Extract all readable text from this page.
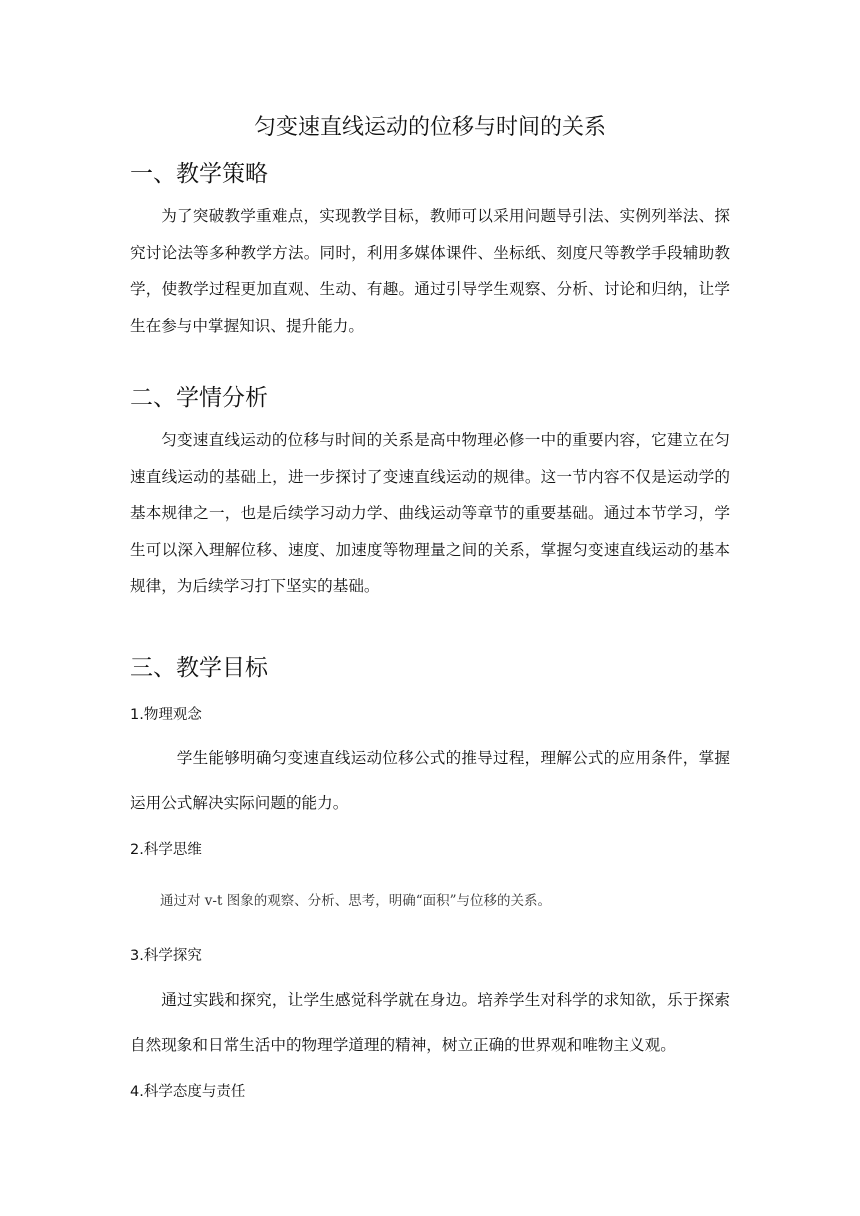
匀变速直线运动的位移与时间的关系
一、教学策略

为了突破教学重难点，实现教学目标，教师可以采用问题导引法、实例列举法、探究讨论法等多种教学方法。同时，利用多媒体课件、坐标纸、刻度尺等教学手段辅助教学，使教学过程更加直观、生动、有趣。通过引导学生观察、分析、讨论和归纳，让学生在参与中掌握知识、提升能力。

二、学情分析

匀变速直线运动的位移与时间的关系是高中物理必修一中的重要内容，它建立在匀速直线运动的基础上，进一步探讨了变速直线运动的规律。这一节内容不仅是运动学的基本规律之一，也是后续学习动力学、曲线运动等章节的重要基础。通过本节学习，学生可以深入理解位移、速度、加速度等物理量之间的关系，掌握匀变速直线运动的基本规律，为后续学习打下坚实的基础。

三、教学目标
1.物理观念

学生能够明确匀变速直线运动位移公式的推导过程，理解公式的应用条件，掌握运用公式解决实际问题的能力。

2.科学思维

通过对 v-t 图象的观察、分析、思考，明确“面积”与位移的关系。

3.科学探究

通过实践和探究，让学生感觉科学就在身边。培养学生对科学的求知欲，乐于探索自然现象和日常生活中的物理学道理的精神，树立正确的世界观和唯物主义观。

4.科学态度与责任
